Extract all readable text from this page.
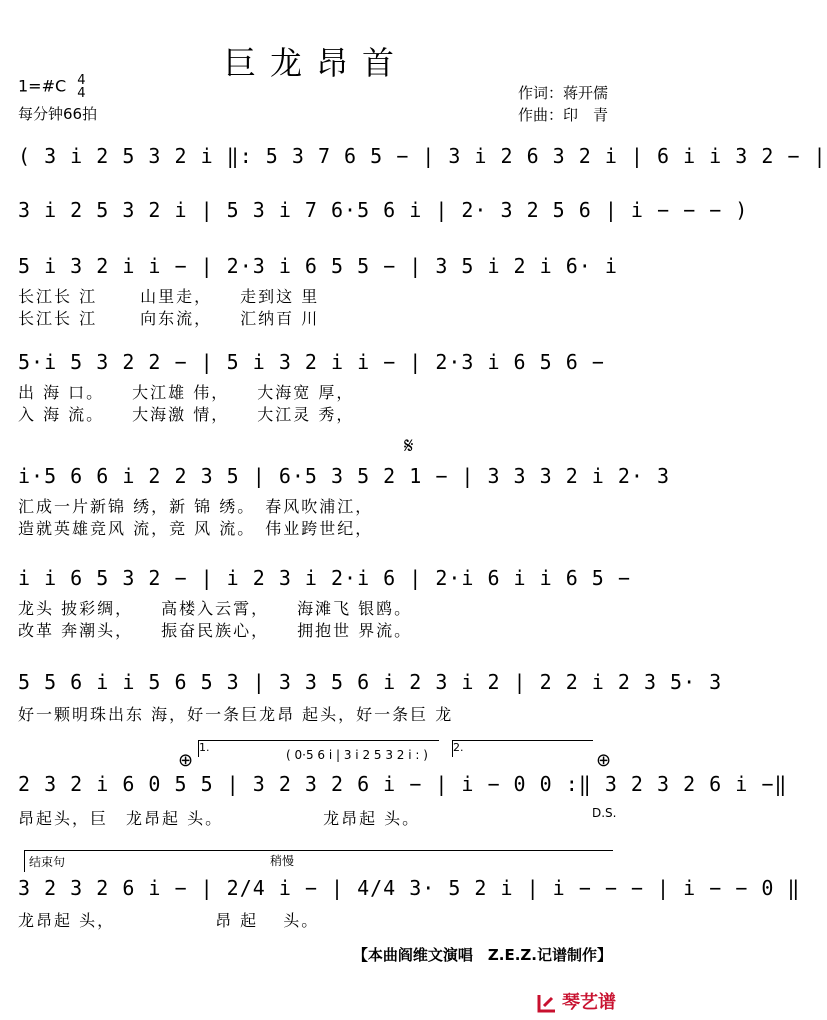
巨龙昂首
1=#C 4
4
每分钟66拍
作词：蒋开儒
作曲：印　青
( 3 i 2 5 3 2 i ‖: 5 3 7 6 5 − | 3 i 2 6 3 2 i | 6 i i 3 2 − |
3 i 2 5 3 2 i | 5 3 i 7 6·5 6 i | 2· 3 2 5 6 | i − − − )
5 i 3 2 i i − | 2·3 i 6 5 5 − | 3 5 i 2 i 6· i
长江长 江　　 山里走，　　走到这 里
长江长 江　　 向东流，　　汇纳百 川
5·i 5 3 2 2 − | 5 i 3 2 i i − | 2·3 i 6 5 6 −
出 海 口。　　大江雄 伟，　　大海宽 厚，
入 海 流。　　大海激 情，　　大江灵 秀，
𝄋
i·5 6 6 i 2 2 3 5 | 6·5 3 5 2 1 − | 3 3 3 2 i 2· 3
汇成一片新锦 绣，新 锦 绣。　春风吹浦江，
造就英雄竞风 流，竞 风 流。　伟业跨世纪，
i i 6 5 3 2 − | i 2 3 i 2·i 6 | 2·i 6 i i 6 5 −
龙头 披彩绸，　　高楼入云霄，　　海滩飞 银鸥。
改革 奔潮头，　　振奋民族心，　　拥抱世 界流。
5 5 6 i i 5 6 5 3 | 3 3 5 6 i 2 3 i 2 | 2 2 i 2 3 5· 3
好一颗明珠出东 海，好一条巨龙昂 起头，好一条巨 龙
⊕	⊕
1.	2.
( 0·5 6 i | 3 i 2 5 3 2 i : )
2 3 2 i 6 0 5 5 | 3 2 3 2 6 i − | i − 0 0 :‖ 3 2 3 2 6 i −‖
昂起头，巨　龙昂起 头。　　　　　　龙昂起 头。	D.S.
结束句	稍慢
3 2 3 2 6 i − | 2/4 i − | 4/4 3· 5 2 i | i − − − | i − − 0 ‖
龙昂起 头，　　　　　　昂 起　 头。
【本曲阎维文演唱　Z.E.Z.记谱制作】
琴艺谱
